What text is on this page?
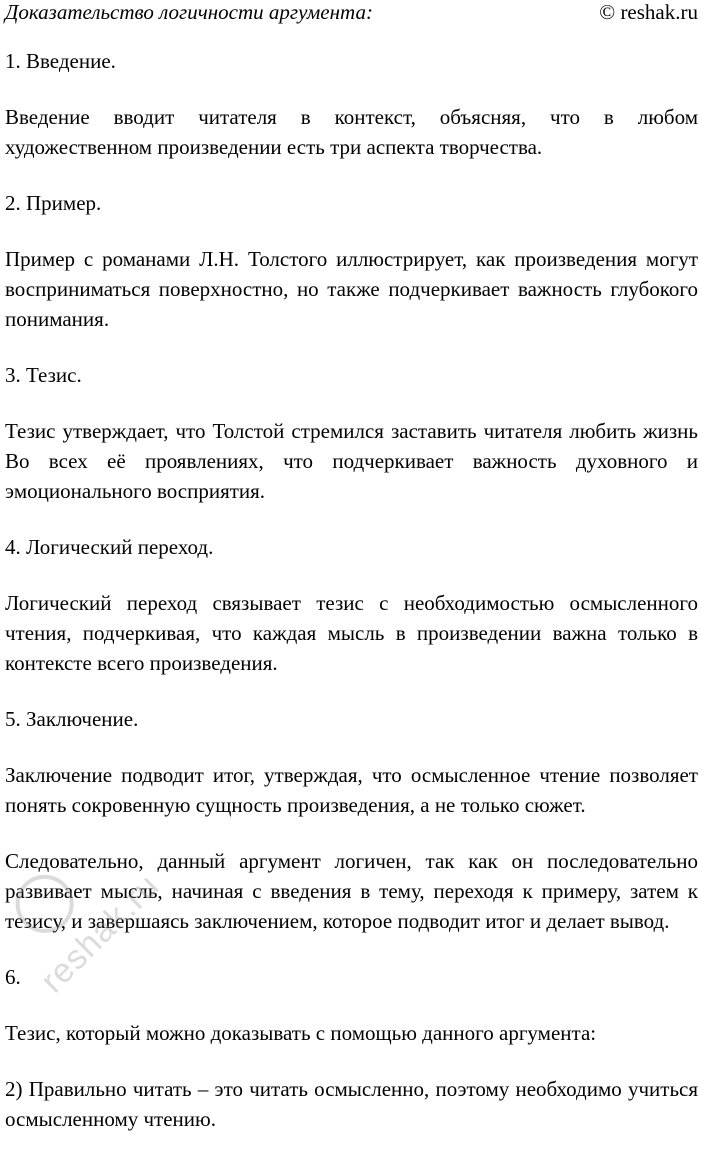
Доказательство логичности аргумента:	© reshak.ru

1. Введение.

Введение вводит читателя в контекст, объясняя, что в любом художественном произведении есть три аспекта творчества.

2. Пример.

Пример с романами Л.Н. Толстого иллюстрирует, как произведения могут восприниматься поверхностно, но также подчеркивает важность глубокого понимания.

3. Тезис.

Тезис утверждает, что Толстой стремился заставить читателя любить жизнь Во всех её проявлениях, что подчеркивает важность духовного и эмоционального восприятия.

4. Логический переход.

Логический переход связывает тезис с необходимостью осмысленного чтения, подчеркивая, что каждая мысль в произведении важна только в контексте всего произведения.

5. Заключение.

Заключение подводит итог, утверждая, что осмысленное чтение позволяет понять сокровенную сущность произведения, а не только сюжет.

Следовательно, данный аргумент логичен, так как он последовательно развивает мысль, начиная с введения в тему, переходя к примеру, затем к тезису, и завершаясь заключением, которое подводит итог и делает вывод.

6.

Тезис, который можно доказывать с помощью данного аргумента:

2) Правильно читать – это читать осмысленно, поэтому необходимо учиться осмысленному чтению.

reshak.ru
